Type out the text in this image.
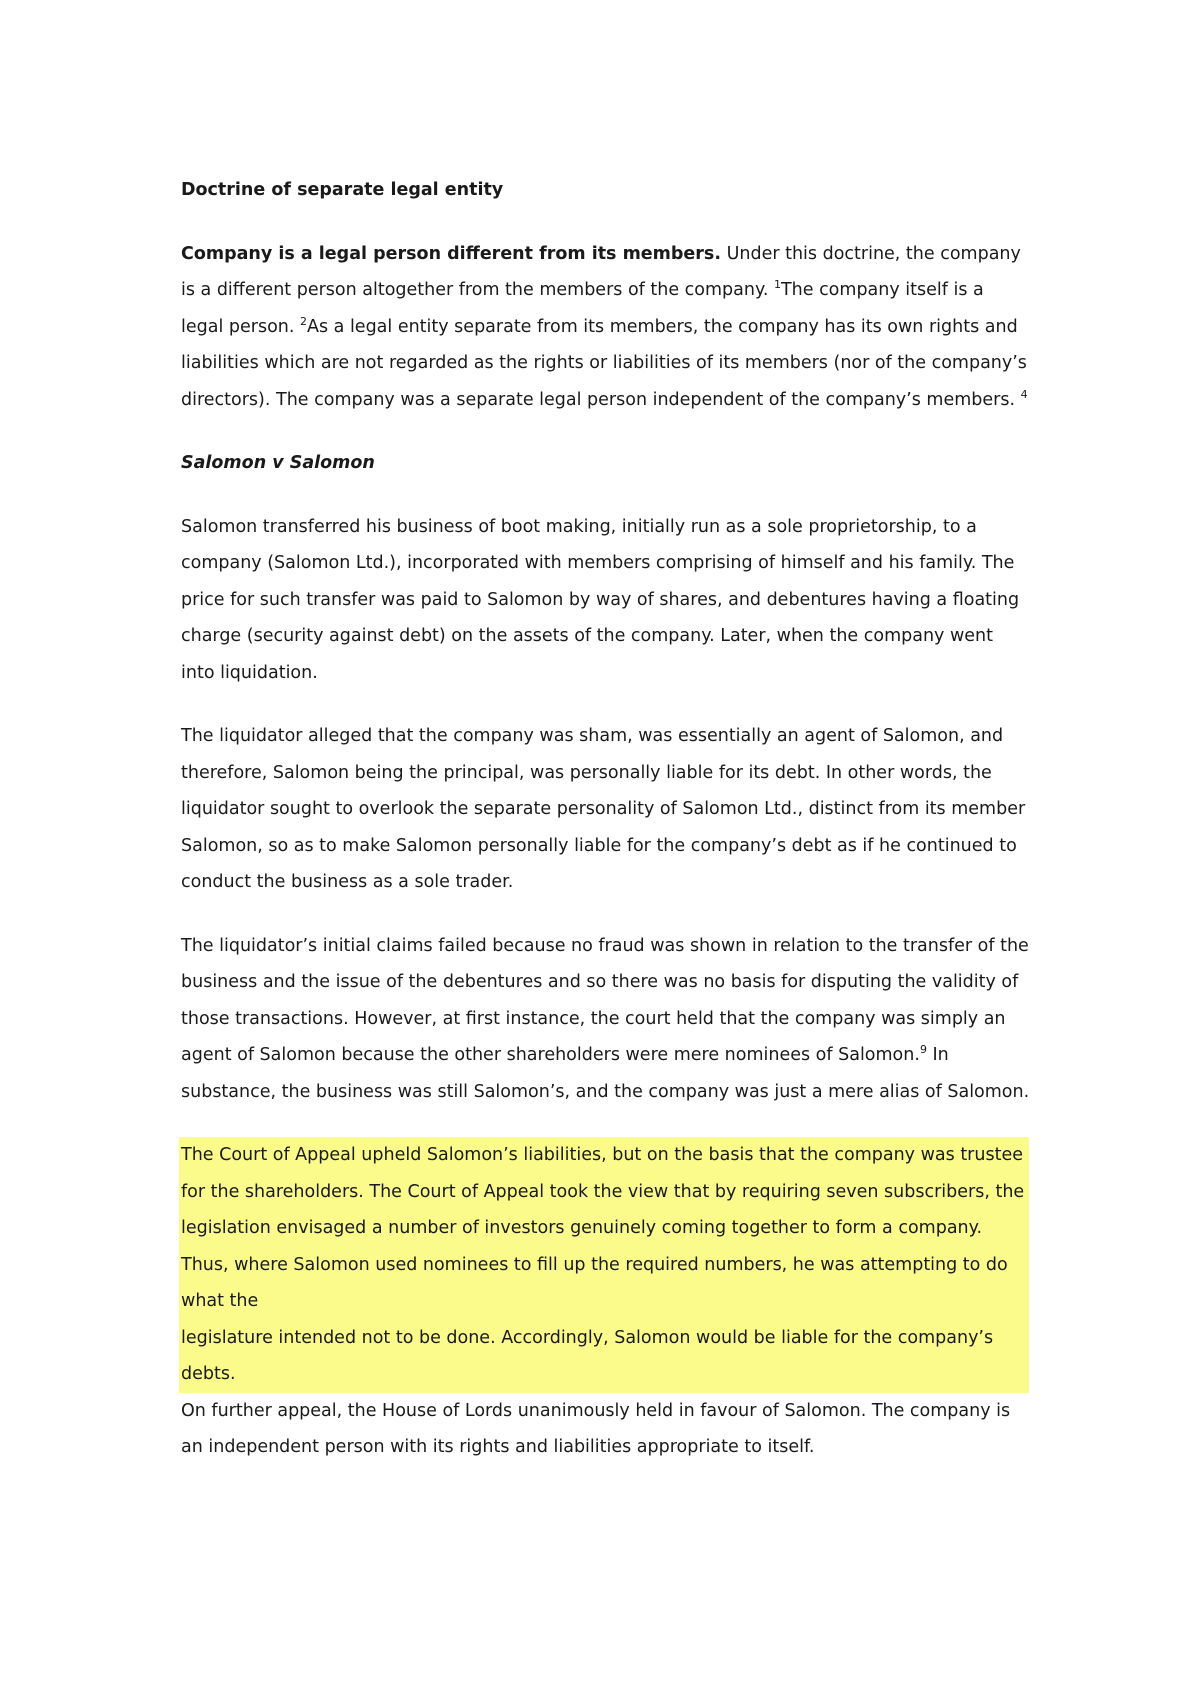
Doctrine of separate legal entity

Company is a legal person different from its members. Under this doctrine, the company is a different person altogether from the members of the company. $^1$The company itself is a legal person. $^2$As a legal entity separate from its members, the company has its own rights and liabilities which are not regarded as the rights or liabilities of its members (nor of the company’s directors). The company was a separate legal person independent of the company’s members. $^4$

Salomon v Salomon

Salomon transferred his business of boot making, initially run as a sole proprietorship, to a company (Salomon Ltd.), incorporated with members comprising of himself and his family. The price for such transfer was paid to Salomon by way of shares, and debentures having a floating charge (security against debt) on the assets of the company. Later, when the company went into liquidation.

The liquidator alleged that the company was sham, was essentially an agent of Salomon, and therefore, Salomon being the principal, was personally liable for its debt. In other words, the liquidator sought to overlook the separate personality of Salomon Ltd., distinct from its member Salomon, so as to make Salomon personally liable for the company’s debt as if he continued to conduct the business as a sole trader.

The liquidator’s initial claims failed because no fraud was shown in relation to the transfer of the business and the issue of the debentures and so there was no basis for disputing the validity of those transactions. However, at first instance, the court held that the company was simply an agent of Salomon because the other shareholders were mere nominees of Salomon.$^9$ In substance, the business was still Salomon’s, and the company was just a mere alias of Salomon.

The Court of Appeal upheld Salomon’s liabilities, but on the basis that the company was trustee for the shareholders. The Court of Appeal took the view that by requiring seven subscribers, the legislation envisaged a number of investors genuinely coming together to form a company. Thus, where Salomon used nominees to fill up the required numbers, he was attempting to do what the
legislature intended not to be done. Accordingly, Salomon would be liable for the company’s debts.

On further appeal, the House of Lords unanimously held in favour of Salomon. The company is an independent person with its rights and liabilities appropriate to itself.
